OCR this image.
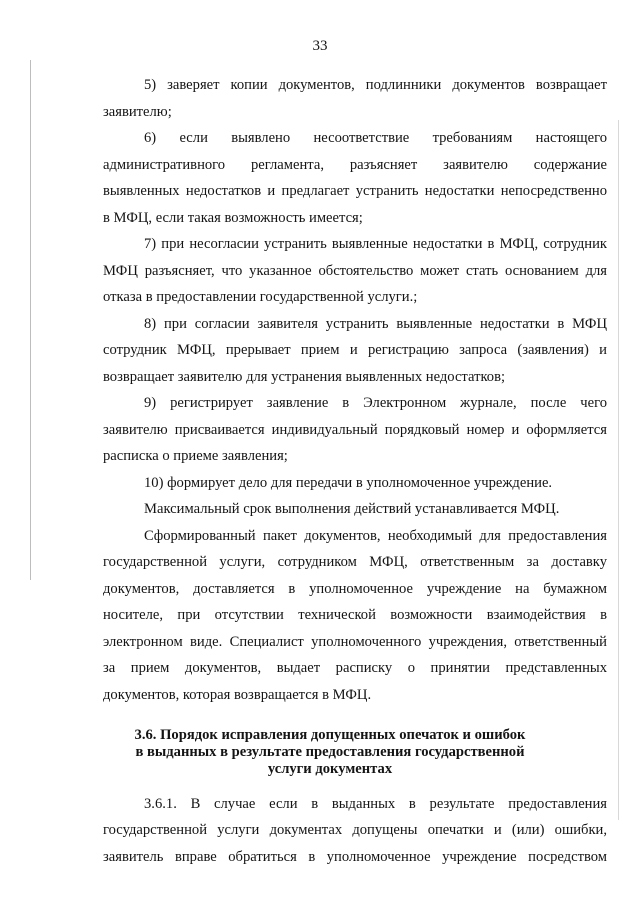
33
5) заверяет копии документов, подлинники документов возвращает
заявителю;
6) если выявлено несоответствие требованиям настоящего
административного регламента, разъясняет заявителю содержание
выявленных недостатков и предлагает устранить недостатки непосредственно
в МФЦ, если такая возможность имеется;
7) при несогласии устранить выявленные недостатки в МФЦ, сотрудник
МФЦ разъясняет, что указанное обстоятельство может стать основанием для
отказа в предоставлении государственной услуги.;
8) при согласии заявителя устранить выявленные недостатки в МФЦ
сотрудник МФЦ, прерывает прием и регистрацию запроса (заявления) и
возвращает заявителю для устранения выявленных недостатков;
9) регистрирует заявление в Электронном журнале, после чего
заявителю присваивается индивидуальный порядковый номер и оформляется
расписка о приеме заявления;
10) формирует дело для передачи в уполномоченное учреждение.
Максимальный срок выполнения действий устанавливается МФЦ.
Сформированный пакет документов, необходимый для предоставления
государственной услуги, сотрудником МФЦ, ответственным за доставку
документов, доставляется в уполномоченное учреждение на бумажном
носителе, при отсутствии технической возможности взаимодействия в
электронном виде. Специалист уполномоченного учреждения, ответственный
за прием документов, выдает расписку о принятии представленных
документов, которая возвращается в МФЦ.
3.6. Порядок исправления допущенных опечаток и ошибок
в выданных в результате предоставления государственной
услуги документах
3.6.1. В случае если в выданных в результате предоставления
государственной услуги документах допущены опечатки и (или) ошибки,
заявитель вправе обратиться в уполномоченное учреждение посредством
